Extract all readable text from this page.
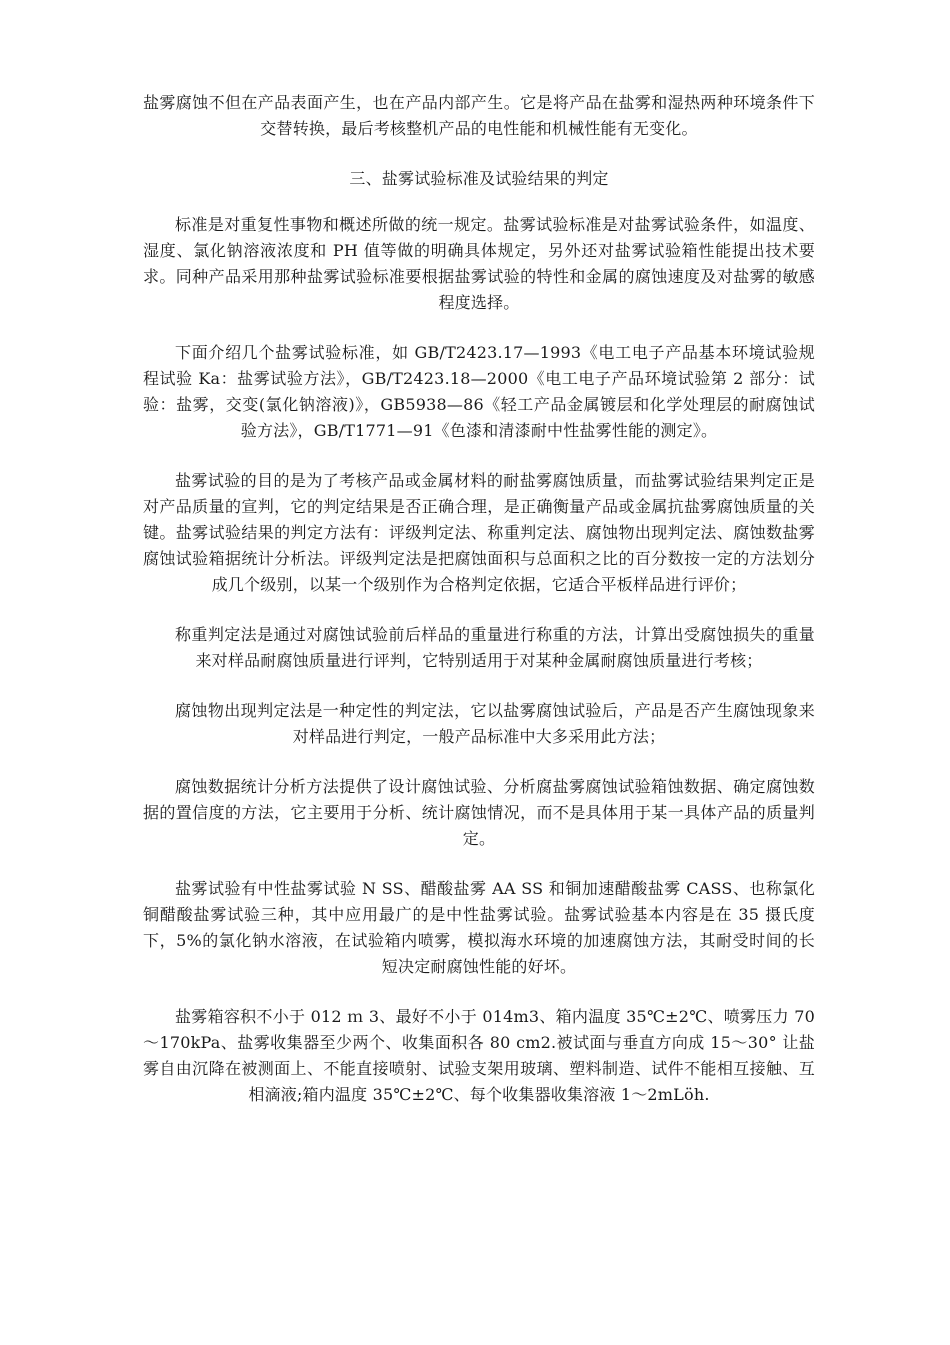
盐雾腐蚀不但在产品表面产生，也在产品内部产生。它是将产品在盐雾和湿热两种环境条件下交替转换，最后考核整机产品的电性能和机械性能有无变化。

三、盐雾试验标准及试验结果的判定

标准是对重复性事物和概述所做的统一规定。盐雾试验标准是对盐雾试验条件，如温度、湿度、氯化钠溶液浓度和 PH 值等做的明确具体规定，另外还对盐雾试验箱性能提出技术要求。同种产品采用那种盐雾试验标准要根据盐雾试验的特性和金属的腐蚀速度及对盐雾的敏感程度选择。

下面介绍几个盐雾试验标准，如 GB/T2423.17—1993《电工电子产品基本环境试验规程试验 Ka：盐雾试验方法》，GB/T2423.18—2000《电工电子产品环境试验第 2 部分：试验：盐雾，交变(氯化钠溶液)》，GB5938—86《轻工产品金属镀层和化学处理层的耐腐蚀试验方法》，GB/T1771—91《色漆和清漆耐中性盐雾性能的测定》。

盐雾试验的目的是为了考核产品或金属材料的耐盐雾腐蚀质量，而盐雾试验结果判定正是对产品质量的宣判，它的判定结果是否正确合理，是正确衡量产品或金属抗盐雾腐蚀质量的关键。盐雾试验结果的判定方法有：评级判定法、称重判定法、腐蚀物出现判定法、腐蚀数盐雾腐蚀试验箱据统计分析法。评级判定法是把腐蚀面积与总面积之比的百分数按一定的方法划分成几个级别，以某一个级别作为合格判定依据，它适合平板样品进行评价；

称重判定法是通过对腐蚀试验前后样品的重量进行称重的方法，计算出受腐蚀损失的重量来对样品耐腐蚀质量进行评判，它特别适用于对某种金属耐腐蚀质量进行考核；

腐蚀物出现判定法是一种定性的判定法，它以盐雾腐蚀试验后，产品是否产生腐蚀现象来对样品进行判定，一般产品标准中大多采用此方法；

腐蚀数据统计分析方法提供了设计腐蚀试验、分析腐盐雾腐蚀试验箱蚀数据、确定腐蚀数据的置信度的方法，它主要用于分析、统计腐蚀情况，而不是具体用于某一具体产品的质量判定。

盐雾试验有中性盐雾试验 N SS、醋酸盐雾 AA SS 和铜加速醋酸盐雾 CASS、也称氯化铜醋酸盐雾试验三种，其中应用最广的是中性盐雾试验。盐雾试验基本内容是在 35 摄氏度下，5%的氯化钠水溶液，在试验箱内喷雾，模拟海水环境的加速腐蚀方法，其耐受时间的长短决定耐腐蚀性能的好坏。

盐雾箱容积不小于 012 ｍ 3、最好不小于 014m3、箱内温度 35℃±2℃、喷雾压力 70～170kPa、盐雾收集器至少两个、收集面积各 80 cm2.被试面与垂直方向成 15～30° 让盐雾自由沉降在被测面上、不能直接喷射、试验支架用玻璃、塑料制造、试件不能相互接触、互相滴液;箱内温度 35℃±2℃、每个收集器收集溶液 1～2mLöh.
